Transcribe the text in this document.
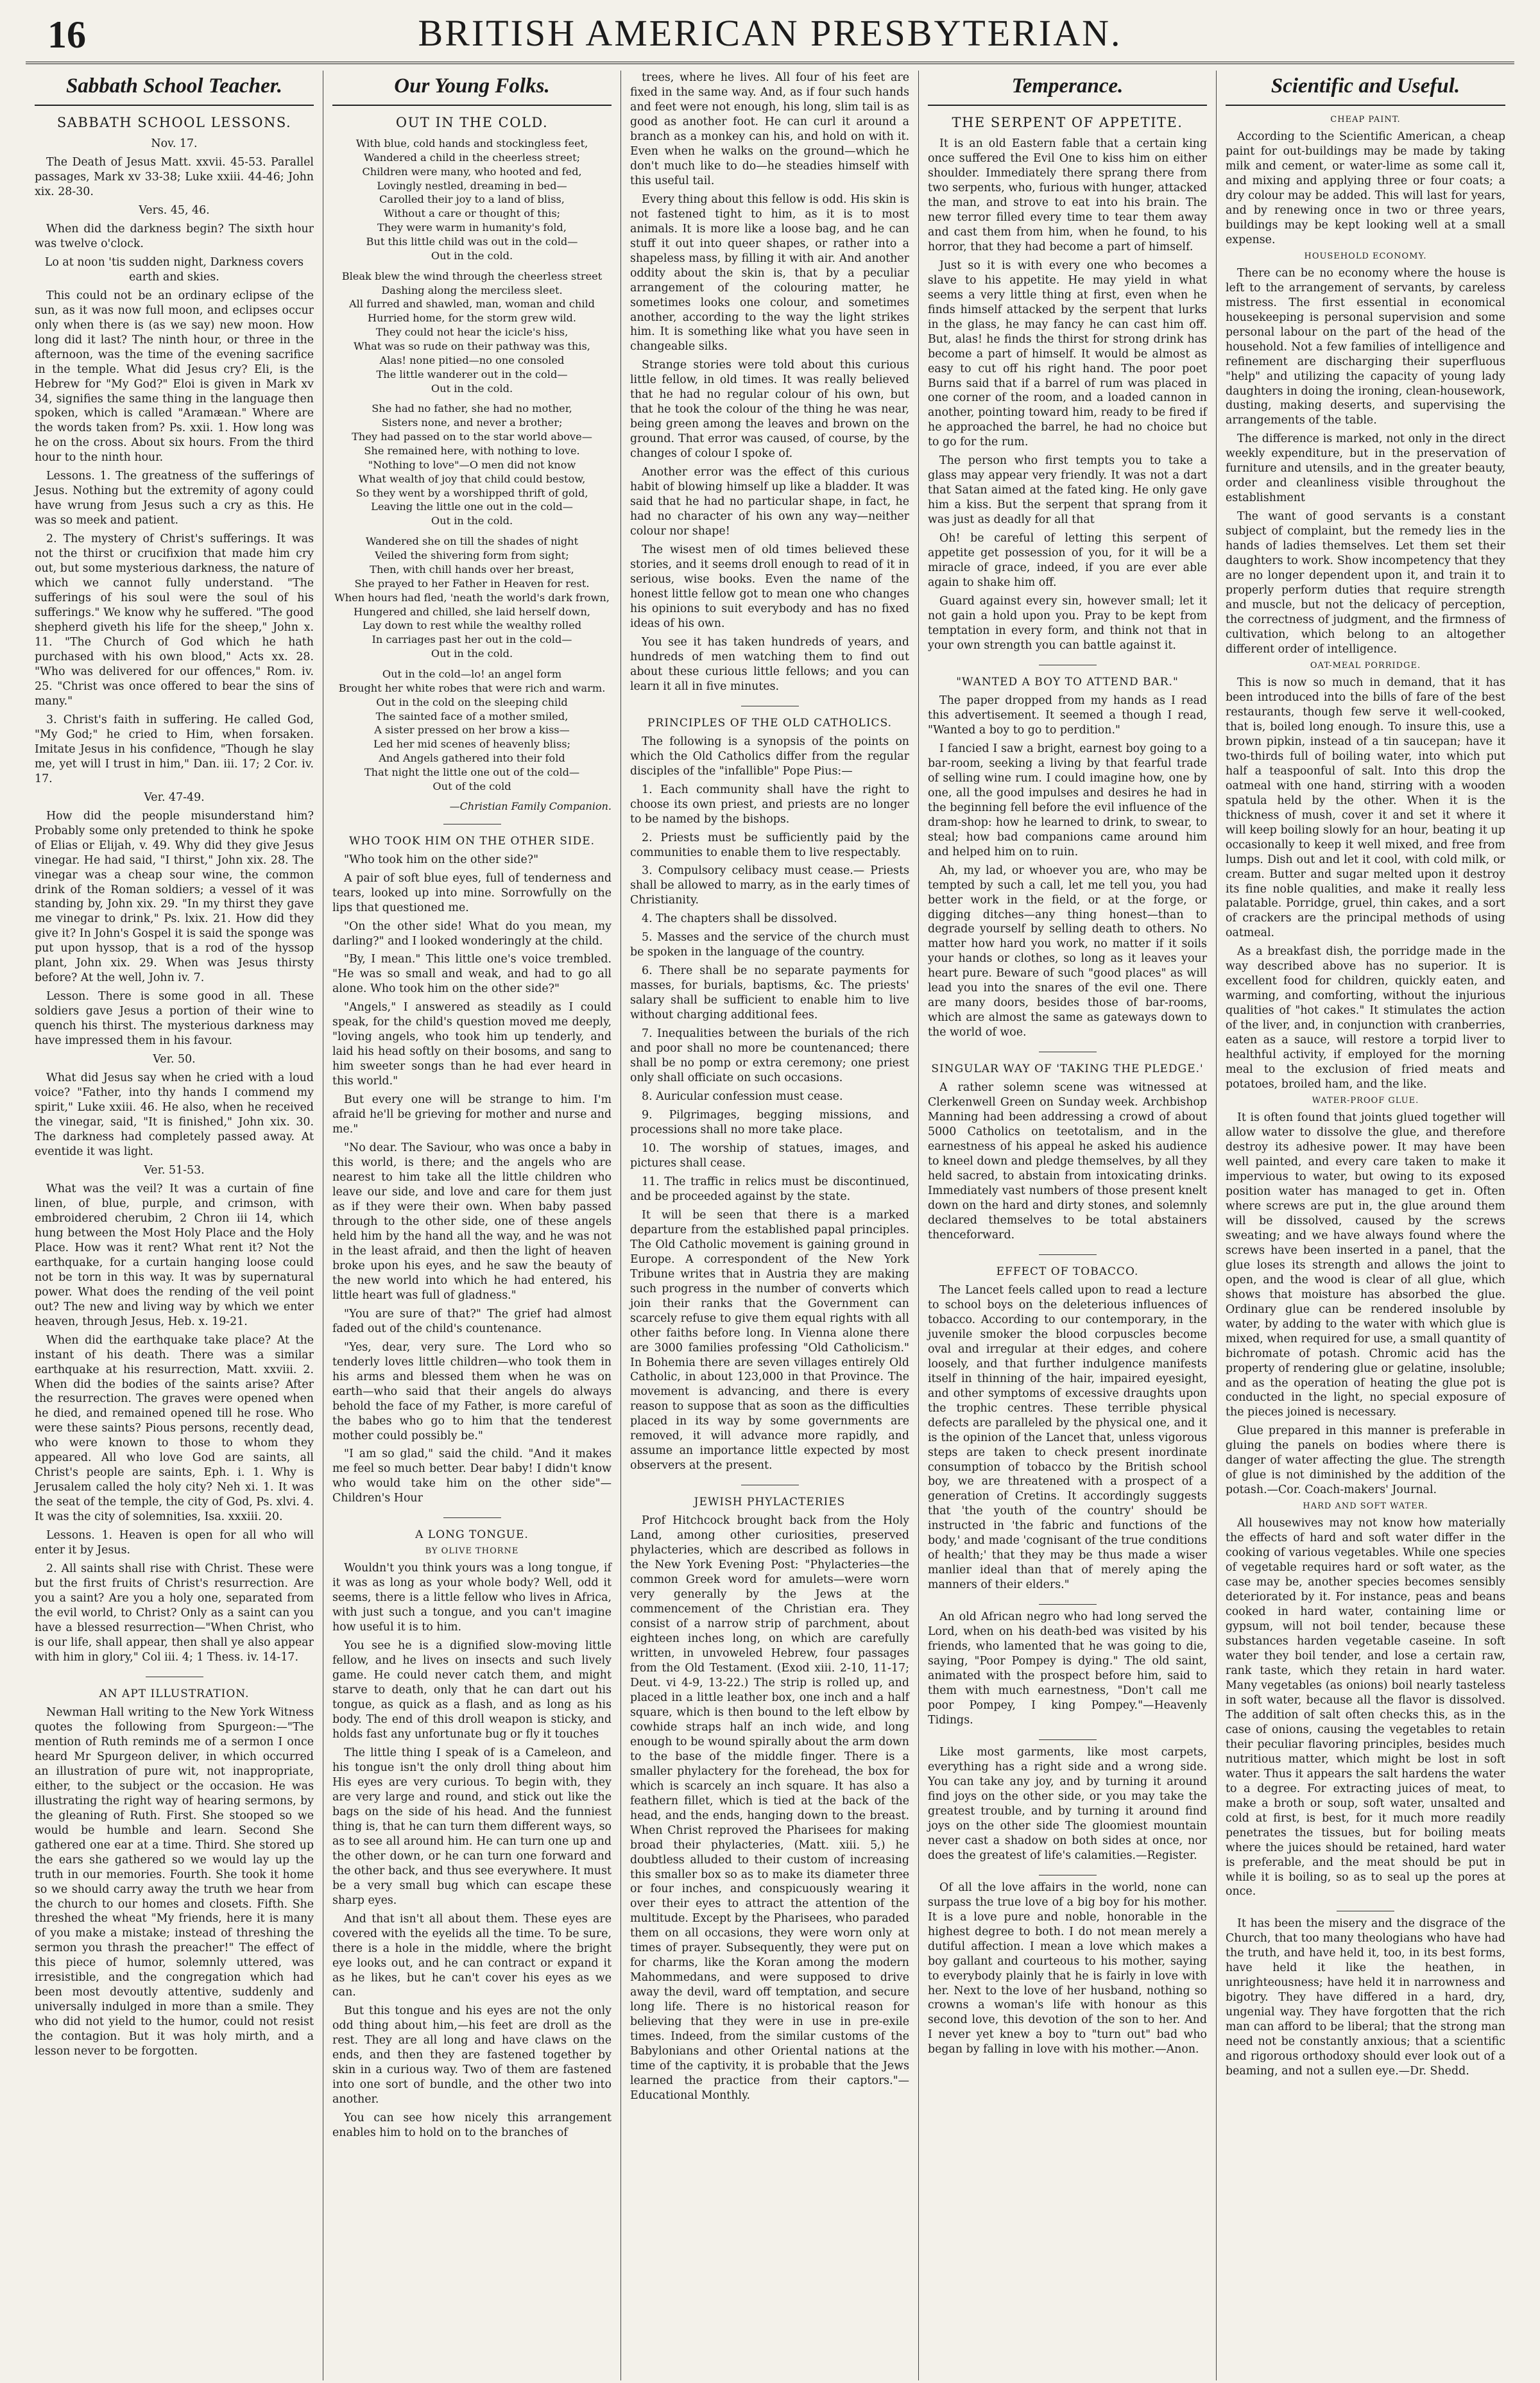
16	BRITISH AMERICAN PRESBYTERIAN.
Sabbath School Teacher.
SABBATH SCHOOL LESSONS.

Nov. 17.

The Death of Jesus Matt. xxvii. 45-53. Parallel passages, Mark xv 33-38; Luke xxiii. 44-46; John xix. 28-30.

Vers. 45, 46.

When did the darkness begin? The sixth hour was twelve o'clock.

Lo at noon 'tis sudden night, Darkness covers earth and skies.

This could not be an ordinary eclipse of the sun, as it was now full moon, and eclipses occur only when there is (as we say) new moon. How long did it last? The ninth hour, or three in the afternoon, was the time of the evening sacrifice in the temple. What did Jesus cry? Eli, is the Hebrew for "My God?" Eloi is given in Mark xv 34, signifies the same thing in the language then spoken, which is called "Aramæan." Where are the words taken from? Ps. xxii. 1. How long was he on the cross. About six hours. From the third hour to the ninth hour.

Lessons. 1. The greatness of the sufferings of Jesus. Nothing but the extremity of agony could have wrung from Jesus such a cry as this. He was so meek and patient.

2. The mystery of Christ's sufferings. It was not the thirst or crucifixion that made him cry out, but some mysterious darkness, the nature of which we cannot fully understand. "The sufferings of his soul were the soul of his sufferings." We know why he suffered. "The good shepherd giveth his life for the sheep," John x. 11. "The Church of God which he hath purchased with his own blood," Acts xx. 28. "Who was delivered for our offences," Rom. iv. 25. "Christ was once offered to bear the sins of many."

3. Christ's faith in suffering. He called God, "My God;" he cried to Him, when forsaken. Imitate Jesus in his confidence, "Though he slay me, yet will I trust in him," Dan. iii. 17; 2 Cor. iv. 17.

Ver. 47-49.

How did the people misunderstand him? Probably some only pretended to think he spoke of Elias or Elijah, v. 49. Why did they give Jesus vinegar. He had said, "I thirst," John xix. 28. The vinegar was a cheap sour wine, the common drink of the Roman soldiers; a vessel of it was standing by, John xix. 29. "In my thirst they gave me vinegar to drink," Ps. lxix. 21. How did they give it? In John's Gospel it is said the sponge was put upon hyssop, that is a rod of the hyssop plant, John xix. 29. When was Jesus thirsty before? At the well, John iv. 7.

Lesson. There is some good in all. These soldiers gave Jesus a portion of their wine to quench his thirst. The mysterious darkness may have impressed them in his favour.

Ver. 50.

What did Jesus say when he cried with a loud voice? "Father, into thy hands I commend my spirit," Luke xxiii. 46. He also, when he received the vinegar, said, "It is finished," John xix. 30. The darkness had completely passed away. At eventide it was light.

Ver. 51-53.

What was the veil? It was a curtain of fine linen, of blue, purple, and crimson, with embroidered cherubim, 2 Chron iii 14, which hung between the Most Holy Place and the Holy Place. How was it rent? What rent it? Not the earthquake, for a curtain hanging loose could not be torn in this way. It was by supernatural power. What does the rending of the veil point out? The new and living way by which we enter heaven, through Jesus, Heb. x. 19-21.

When did the earthquake take place? At the instant of his death. There was a similar earthquake at his resurrection, Matt. xxviii. 2. When did the bodies of the saints arise? After the resurrection. The graves were opened when he died, and remained opened till he rose. Who were these saints? Pious persons, recently dead, who were known to those to whom they appeared. All who love God are saints, all Christ's people are saints, Eph. i. 1. Why is Jerusalem called the holy city? Neh xi. 1. It was the seat of the temple, the city of God, Ps. xlvi. 4. It was the city of solemnities, Isa. xxxiii. 20.

Lessons. 1. Heaven is open for all who will enter it by Jesus.

2. All saints shall rise with Christ. These were but the first fruits of Christ's resurrection. Are you a saint? Are you a holy one, separated from the evil world, to Christ? Only as a saint can you have a blessed resurrection—"When Christ, who is our life, shall appear, then shall ye also appear with him in glory," Col iii. 4; 1 Thess. iv. 14-17.

AN APT ILLUSTRATION.

Newman Hall writing to the New York Witness quotes the following from Spurgeon:—"The mention of Ruth reminds me of a sermon I once heard Mr Spurgeon deliver, in which occurred an illustration of pure wit, not inappropriate, either, to the subject or the occasion. He was illustrating the right way of hearing sermons, by the gleaning of Ruth. First. She stooped so we would be humble and learn. Second She gathered one ear at a time. Third. She stored up the ears she gathered so we would lay up the truth in our memories. Fourth. She took it home so we should carry away the truth we hear from the church to our homes and closets. Fifth. She threshed the wheat "My friends, here it is many of you make a mistake; instead of threshing the sermon you thrash the preacher!" The effect of this piece of humor, solemnly uttered, was irresistible, and the congregation which had been most devoutly attentive, suddenly and universally indulged in more than a smile. They who did not yield to the humor, could not resist the contagion. But it was holy mirth, and a lesson never to be forgotten.

Our Young Folks.
OUT IN THE COLD.
With blue, cold hands and stockingless feet,
Wandered a child in the cheerless street;
Children were many, who hooted and fed,
Lovingly nestled, dreaming in bed—
Carolled their joy to a land of bliss,
Without a care or thought of this;
They were warm in humanity's fold,
But this little child was out in the cold—
Out in the cold.
Bleak blew the wind through the cheerless street
Dashing along the merciless sleet.
All furred and shawled, man, woman and child
Hurried home, for the storm grew wild.
They could not hear the icicle's hiss,
What was so rude on their pathway was this,
Alas! none pitied—no one consoled
The little wanderer out in the cold—
Out in the cold.
She had no father, she had no mother,
Sisters none, and never a brother;
They had passed on to the star world above—
She remained here, with nothing to love.
"Nothing to love"—O men did not know
What wealth of joy that child could bestow,
So they went by a worshipped thrift of gold,
Leaving the little one out in the cold—
Out in the cold.
Wandered she on till the shades of night
Veiled the shivering form from sight;
Then, with chill hands over her breast,
She prayed to her Father in Heaven for rest.
When hours had fled, 'neath the world's dark frown,
Hungered and chilled, she laid herself down,
Lay down to rest while the wealthy rolled
In carriages past her out in the cold—
Out in the cold.
Out in the cold—lo! an angel form
Brought her white robes that were rich and warm.
Out in the cold on the sleeping child
The sainted face of a mother smiled,
A sister pressed on her brow a kiss—
Led her mid scenes of heavenly bliss;
And Angels gathered into their fold
That night the little one out of the cold—
Out of the cold
—Christian Family Companion.
WHO TOOK HIM ON THE OTHER SIDE.

"Who took him on the other side?"

A pair of soft blue eyes, full of tenderness and tears, looked up into mine. Sorrowfully on the lips that questioned me.

"On the other side! What do you mean, my darling?" and I looked wonderingly at the child.

"By, I mean." This little one's voice trembled. "He was so small and weak, and had to go all alone. Who took him on the other side?"

"Angels," I answered as steadily as I could speak, for the child's question moved me deeply, "loving angels, who took him up tenderly, and laid his head softly on their bosoms, and sang to him sweeter songs than he had ever heard in this world."

But every one will be strange to him. I'm afraid he'll be grieving for mother and nurse and me."

"No dear. The Saviour, who was once a baby in this world, is there; and the angels who are nearest to him take all the little children who leave our side, and love and care for them just as if they were their own. When baby passed through to the other side, one of these angels held him by the hand all the way, and he was not in the least afraid, and then the light of heaven broke upon his eyes, and he saw the beauty of the new world into which he had entered, his little heart was full of gladness."

"You are sure of that?" The grief had almost faded out of the child's countenance.

"Yes, dear, very sure. The Lord who so tenderly loves little children—who took them in his arms and blessed them when he was on earth—who said that their angels do always behold the face of my Father, is more careful of the babes who go to him that the tenderest mother could possibly be."

"I am so glad," said the child. "And it makes me feel so much better. Dear baby! I didn't know who would take him on the other side"—Children's Hour

A LONG TONGUE.
BY OLIVE THORNE

Wouldn't you think yours was a long tongue, if it was as long as your whole body? Well, odd it seems, there is a little fellow who lives in Africa, with just such a tongue, and you can't imagine how useful it is to him.

You see he is a dignified slow-moving little fellow, and he lives on insects and such lively game. He could never catch them, and might starve to death, only that he can dart out his tongue, as quick as a flash, and as long as his body. The end of this droll weapon is sticky, and holds fast any unfortunate bug or fly it touches

The little thing I speak of is a Cameleon, and his tongue isn't the only droll thing about him His eyes are very curious. To begin with, they are very large and round, and stick out like the bags on the side of his head. And the funniest thing is, that he can turn them different ways, so as to see all around him. He can turn one up and the other down, or he can turn one forward and the other back, and thus see everywhere. It must be a very small bug which can escape these sharp eyes.

And that isn't all about them. These eyes are covered with the eyelids all the time. To be sure, there is a hole in the middle, where the bright eye looks out, and he can contract or expand it as he likes, but he can't cover his eyes as we can.

But this tongue and his eyes are not the only odd thing about him,—his feet are droll as the rest. They are all long and have claws on the ends, and then they are fastened together by skin in a curious way. Two of them are fastened into one sort of bundle, and the other two into another.

You can see how nicely this arrangement enables him to hold on to the branches of

trees, where he lives. All four of his feet are fixed in the same way. And, as if four such hands and feet were not enough, his long, slim tail is as good as another foot. He can curl it around a branch as a monkey can his, and hold on with it. Even when he walks on the ground—which he don't much like to do—he steadies himself with this useful tail.

Every thing about this fellow is odd. His skin is not fastened tight to him, as it is to most animals. It is more like a loose bag, and he can stuff it out into queer shapes, or rather into a shapeless mass, by filling it with air. And another oddity about the skin is, that by a peculiar arrangement of the colouring matter, he sometimes looks one colour, and sometimes another, according to the way the light strikes him. It is something like what you have seen in changeable silks.

Strange stories were told about this curious little fellow, in old times. It was really believed that he had no regular colour of his own, but that he took the colour of the thing he was near, being green among the leaves and brown on the ground. That error was caused, of course, by the changes of colour I spoke of.

Another error was the effect of this curious habit of blowing himself up like a bladder. It was said that he had no particular shape, in fact, he had no character of his own any way—neither colour nor shape!

The wisest men of old times believed these stories, and it seems droll enough to read of it in serious, wise books. Even the name of the honest little fellow got to mean one who changes his opinions to suit everybody and has no fixed ideas of his own.

You see it has taken hundreds of years, and hundreds of men watching them to find out about these curious little fellows; and you can learn it all in five minutes.

PRINCIPLES OF THE OLD CATHOLICS.

The following is a synopsis of the points on which the Old Catholics differ from the regular disciples of the "infallible" Pope Pius:—

1. Each community shall have the right to choose its own priest, and priests are no longer to be named by the bishops.

2. Priests must be sufficiently paid by the communities to enable them to live respectably.

3. Compulsory celibacy must cease.— Priests shall be allowed to marry, as in the early times of Christianity.

4. The chapters shall be dissolved.

5. Masses and the service of the church must be spoken in the language of the country.

6. There shall be no separate payments for masses, for burials, baptisms, &c. The priests' salary shall be sufficient to enable him to live without charging additional fees.

7. Inequalities between the burials of the rich and poor shall no more be countenanced; there shall be no pomp or extra ceremony; one priest only shall officiate on such occasions.

8. Auricular confession must cease.

9. Pilgrimages, begging missions, and processions shall no more take place.

10. The worship of statues, images, and pictures shall cease.

11. The traffic in relics must be discontinued, and be proceeded against by the state.

It will be seen that there is a marked departure from the established papal principles. The Old Catholic movement is gaining ground in Europe. A correspondent of the New York Tribune writes that in Austria they are making such progress in the number of converts which join their ranks that the Government can scarcely refuse to give them equal rights with all other faiths before long. In Vienna alone there are 3000 families professing "Old Catholicism." In Bohemia there are seven villages entirely Old Catholic, in about 123,000 in that Province. The movement is advancing, and there is every reason to suppose that as soon as the difficulties placed in its way by some governments are removed, it will advance more rapidly, and assume an importance little expected by most observers at the present.

JEWISH PHYLACTERIES

Prof Hitchcock brought back from the Holy Land, among other curiosities, preserved phylacteries, which are described as follows in the New York Evening Post: "Phylacteries—the common Greek word for amulets—were worn very generally by the Jews at the commencement of the Christian era. They consist of a narrow strip of parchment, about eighteen inches long, on which are carefully written, in unvoweled Hebrew, four passages from the Old Testament. (Exod xiii. 2-10, 11-17; Deut. vi 4-9, 13-22.) The strip is rolled up, and placed in a little leather box, one inch and a half square, which is then bound to the left elbow by cowhide straps half an inch wide, and long enough to be wound spirally about the arm down to the base of the middle finger. There is a smaller phylactery for the forehead, the box for which is scarcely an inch square. It has also a feathern fillet, which is tied at the back of the head, and the ends, hanging down to the breast. When Christ reproved the Pharisees for making broad their phylacteries, (Matt. xiii. 5,) he doubtless alluded to their custom of increasing this smaller box so as to make its diameter three or four inches, and conspicuously wearing it over their eyes to attract the attention of the multitude. Except by the Pharisees, who paraded them on all occasions, they were worn only at times of prayer. Subsequently, they were put on for charms, like the Koran among the modern Mahommedans, and were supposed to drive away the devil, ward off temptation, and secure long life. There is no historical reason for believing that they were in use in pre-exile times. Indeed, from the similar customs of the Babylonians and other Oriental nations at the time of the captivity, it is probable that the Jews learned the practice from their captors."—Educational Monthly.

Temperance.
THE SERPENT OF APPETITE.

It is an old Eastern fable that a certain king once suffered the Evil One to kiss him on either shoulder. Immediately there sprang there from two serpents, who, furious with hunger, attacked the man, and strove to eat into his brain. The new terror filled every time to tear them away and cast them from him, when he found, to his horror, that they had become a part of himself.

Just so it is with every one who becomes a slave to his appetite. He may yield in what seems a very little thing at first, even when he finds himself attacked by the serpent that lurks in the glass, he may fancy he can cast him off. But, alas! he finds the thirst for strong drink has become a part of himself. It would be almost as easy to cut off his right hand. The poor poet Burns said that if a barrel of rum was placed in one corner of the room, and a loaded cannon in another, pointing toward him, ready to be fired if he approached the barrel, he had no choice but to go for the rum.

The person who first tempts you to take a glass may appear very friendly. It was not a dart that Satan aimed at the fated king. He only gave him a kiss. But the serpent that sprang from it was just as deadly for all that

Oh! be careful of letting this serpent of appetite get possession of you, for it will be a miracle of grace, indeed, if you are ever able again to shake him off.

Guard against every sin, however small; let it not gain a hold upon you. Pray to be kept from temptation in every form, and think not that in your own strength you can battle against it.

"WANTED A BOY TO ATTEND BAR."

The paper dropped from my hands as I read this advertisement. It seemed a though I read, "Wanted a boy to go to perdition."

I fancied I saw a bright, earnest boy going to a bar-room, seeking a living by that fearful trade of selling wine rum. I could imagine how, one by one, all the good impulses and desires he had in the beginning fell before the evil influence of the dram-shop: how he learned to drink, to swear, to steal; how bad companions came around him and helped him on to ruin.

Ah, my lad, or whoever you are, who may be tempted by such a call, let me tell you, you had better work in the field, or at the forge, or digging ditches—any thing honest—than to degrade yourself by selling death to others. No matter how hard you work, no matter if it soils your hands or clothes, so long as it leaves your heart pure. Beware of such "good places" as will lead you into the snares of the evil one. There are many doors, besides those of bar-rooms, which are almost the same as gateways down to the world of woe.

SINGULAR WAY OF 'TAKING THE PLEDGE.'

A rather solemn scene was witnessed at Clerkenwell Green on Sunday week. Archbishop Manning had been addressing a crowd of about 5000 Catholics on teetotalism, and in the earnestness of his appeal he asked his audience to kneel down and pledge themselves, by all they held sacred, to abstain from intoxicating drinks. Immediately vast numbers of those present knelt down on the hard and dirty stones, and solemnly declared themselves to be total abstainers thenceforward.

EFFECT OF TOBACCO.

The Lancet feels called upon to read a lecture to school boys on the deleterious influences of tobacco. According to our contemporary, in the juvenile smoker the blood corpuscles become oval and irregular at their edges, and cohere loosely, and that further indulgence manifests itself in thinning of the hair, impaired eyesight, and other symptoms of excessive draughts upon the trophic centres. These terrible physical defects are paralleled by the physical one, and it is the opinion of the Lancet that, unless vigorous steps are taken to check present inordinate consumption of tobacco by the British school boy, we are threatened with a prospect of a generation of Cretins. It accordingly suggests that 'the youth of the country' should be instructed in 'the fabric and functions of the body,' and made 'cognisant of the true conditions of health;' that they may be thus made a wiser manlier ideal than that of merely aping the manners of their elders."

An old African negro who had long served the Lord, when on his death-bed was visited by his friends, who lamented that he was going to die, saying, "Poor Pompey is dying." The old saint, animated with the prospect before him, said to them with much earnestness, "Don't call me poor Pompey, I king Pompey."—Heavenly Tidings.

Like most garments, like most carpets, everything has a right side and a wrong side. You can take any joy, and by turning it around find joys on the other side, or you may take the greatest trouble, and by turning it around find joys on the other side The gloomiest mountain never cast a shadow on both sides at once, nor does the greatest of life's calamities.—Register.

Of all the love affairs in the world, none can surpass the true love of a big boy for his mother. It is a love pure and noble, honorable in the highest degree to both. I do not mean merely a dutiful affection. I mean a love which makes a boy gallant and courteous to his mother, saying to everybody plainly that he is fairly in love with her. Next to the love of her husband, nothing so crowns a woman's life with honour as this second love, this devotion of the son to her. And I never yet knew a boy to "turn out" bad who began by falling in love with his mother.—Anon.

Scientific and Useful.
CHEAP PAINT.

According to the Scientific American, a cheap paint for out-buildings may be made by taking milk and cement, or water-lime as some call it, and mixing and applying three or four coats; a dry colour may be added. This will last for years, and by renewing once in two or three years, buildings may be kept looking well at a small expense.

HOUSEHOLD ECONOMY.

There can be no economy where the house is left to the arrangement of servants, by careless mistress. The first essential in economical housekeeping is personal supervision and some personal labour on the part of the head of the household. Not a few families of intelligence and refinement are discharging their superfluous "help" and utilizing the capacity of young lady daughters in doing the ironing, clean-housework, dusting, making deserts, and supervising the arrangements of the table.

The difference is marked, not only in the direct weekly expenditure, but in the preservation of furniture and utensils, and in the greater beauty, order and cleanliness visible throughout the establishment

The want of good servants is a constant subject of complaint, but the remedy lies in the hands of ladies themselves. Let them set their daughters to work. Show incompetency that they are no longer dependent upon it, and train it to properly perform duties that require strength and muscle, but not the delicacy of perception, the correctness of judgment, and the firmness of cultivation, which belong to an altogether different order of intelligence.

OAT-MEAL PORRIDGE.

This is now so much in demand, that it has been introduced into the bills of fare of the best restaurants, though few serve it well-cooked, that is, boiled long enough. To insure this, use a brown pipkin, instead of a tin saucepan; have it two-thirds full of boiling water, into which put half a teaspoonful of salt. Into this drop the oatmeal with one hand, stirring with a wooden spatula held by the other. When it is the thickness of mush, cover it and set it where it will keep boiling slowly for an hour, beating it up occasionally to keep it well mixed, and free from lumps. Dish out and let it cool, with cold milk, or cream. Butter and sugar melted upon it destroy its fine noble qualities, and make it really less palatable. Porridge, gruel, thin cakes, and a sort of crackers are the principal methods of using oatmeal.

As a breakfast dish, the porridge made in the way described above has no superior. It is excellent food for children, quickly eaten, and warming, and comforting, without the injurious qualities of "hot cakes." It stimulates the action of the liver, and, in conjunction with cranberries, eaten as a sauce, will restore a torpid liver to healthful activity, if employed for the morning meal to the exclusion of fried meats and potatoes, broiled ham, and the like.

WATER-PROOF GLUE.

It is often found that joints glued together will allow water to dissolve the glue, and therefore destroy its adhesive power. It may have been well painted, and every care taken to make it impervious to water, but owing to its exposed position water has managed to get in. Often where screws are put in, the glue around them will be dissolved, caused by the screws sweating; and we have always found where the screws have been inserted in a panel, that the glue loses its strength and allows the joint to open, and the wood is clear of all glue, which shows that moisture has absorbed the glue. Ordinary glue can be rendered insoluble by water, by adding to the water with which glue is mixed, when required for use, a small quantity of bichromate of potash. Chromic acid has the property of rendering glue or gelatine, insoluble; and as the operation of heating the glue pot is conducted in the light, no special exposure of the pieces joined is necessary.

Glue prepared in this manner is preferable in gluing the panels on bodies where there is danger of water affecting the glue. The strength of glue is not diminished by the addition of the potash.—Cor. Coach-makers' Journal.

HARD AND SOFT WATER.

All housewives may not know how materially the effects of hard and soft water differ in the cooking of various vegetables. While one species of vegetable requires hard or soft water, as the case may be, another species becomes sensibly deteriorated by it. For instance, peas and beans cooked in hard water, containing lime or gypsum, will not boil tender, because these substances harden vegetable caseine. In soft water they boil tender, and lose a certain raw, rank taste, which they retain in hard water. Many vegetables (as onions) boil nearly tasteless in soft water, because all the flavor is dissolved. The addition of salt often checks this, as in the case of onions, causing the vegetables to retain their peculiar flavoring principles, besides much nutritious matter, which might be lost in soft water. Thus it appears the salt hardens the water to a degree. For extracting juices of meat, to make a broth or soup, soft water, unsalted and cold at first, is best, for it much more readily penetrates the tissues, but for boiling meats where the juices should be retained, hard water is preferable, and the meat should be put in while it is boiling, so as to seal up the pores at once.

It has been the misery and the disgrace of the Church, that too many theologians who have had the truth, and have held it, too, in its best forms, have held it like the heathen, in unrighteousness; have held it in narrowness and bigotry. They have differed in a hard, dry, ungenial way. They have forgotten that the rich man can afford to be liberal; that the strong man need not be constantly anxious; that a scientific and rigorous orthodoxy should ever look out of a beaming, and not a sullen eye.—Dr. Shedd.
